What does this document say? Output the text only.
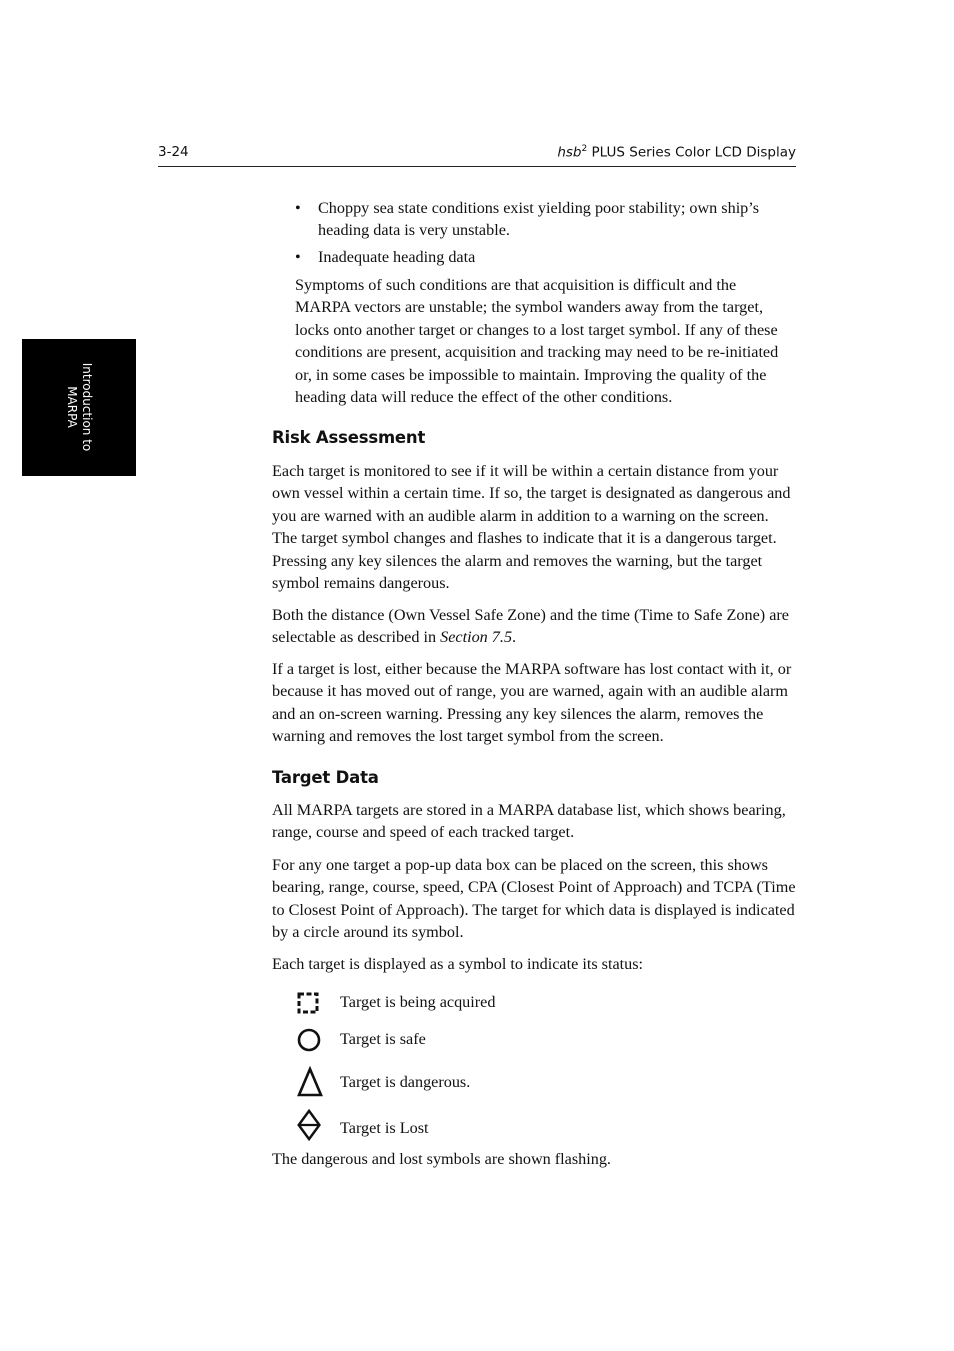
3-24	hsb$^2$ PLUS Series Color LCD Display
Introduction to
MARPA
• Choppy sea state conditions exist yielding poor stability; own ship’s heading data is very unstable.
• Inadequate heading data

Symptoms of such conditions are that acquisition is difficult and the MARPA vectors are unstable; the symbol wanders away from the target, locks onto another target or changes to a lost target symbol. If any of these conditions are present, acquisition and tracking may need to be re-initiated or, in some cases be impossible to maintain. Improving the quality of the heading data will reduce the effect of the other conditions.

Risk Assessment

Each target is monitored to see if it will be within a certain distance from your own vessel within a certain time. If so, the target is designated as dangerous and you are warned with an audible alarm in addition to a warning on the screen. The target symbol changes and flashes to indicate that it is a dangerous target. Pressing any key silences the alarm and removes the warning, but the target symbol remains dangerous.

Both the distance (Own Vessel Safe Zone) and the time (Time to Safe Zone) are selectable as described in Section 7.5.

If a target is lost, either because the MARPA software has lost contact with it, or because it has moved out of range, you are warned, again with an audible alarm and an on-screen warning. Pressing any key silences the alarm, removes the warning and removes the lost target symbol from the screen.

Target Data

All MARPA targets are stored in a MARPA database list, which shows bearing, range, course and speed of each tracked target.

For any one target a pop-up data box can be placed on the screen, this shows bearing, range, course, speed, CPA (Closest Point of Approach) and TCPA (Time to Closest Point of Approach). The target for which data is displayed is indicated by a circle around its symbol.

Each target is displayed as a symbol to indicate its status:

Target is being acquired
Target is safe
Target is dangerous.
Target is Lost

The dangerous and lost symbols are shown flashing.
